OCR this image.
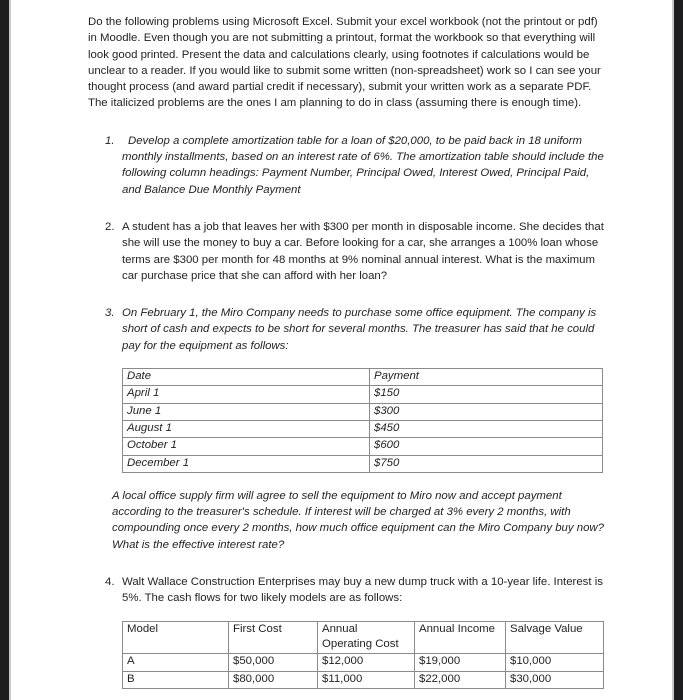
Do the following problems using Microsoft Excel. Submit your excel workbook (not the printout or pdf) in Moodle. Even though you are not submitting a printout, format the workbook so that everything will look good printed. Present the data and calculations clearly, using footnotes if calculations would be unclear to a reader. If you would like to submit some written (non-spreadsheet) work so I can see your thought process (and award partial credit if necessary), submit your written work as a separate PDF. The italicized problems are the ones I am planning to do in class (assuming there is enough time).

1.	Develop a complete amortization table for a loan of $20,000, to be paid back in 18 uniform monthly installments, based on an interest rate of 6%. The amortization table should include the following column headings: Payment Number, Principal Owed, Interest Owed, Principal Paid, and Balance Due Monthly Payment
2. A student has a job that leaves her with $300 per month in disposable income. She decides that she will use the money to buy a car. Before looking for a car, she arranges a 100% loan whose terms are $300 per month for 48 months at 9% nominal annual interest. What is the maximum car purchase price that she can afford with her loan?
3. On February 1, the Miro Company needs to purchase some office equipment. The company is short of cash and expects to be short for several months. The treasurer has said that he could pay for the equipment as follows:
Date	Payment
April 1	$150
June 1	$300
August 1	$450
October 1	$600
December 1	$750

A local office supply firm will agree to sell the equipment to Miro now and accept payment according to the treasurer's schedule. If interest will be charged at 3% every 2 months, with compounding once every 2 months, how much office equipment can the Miro Company buy now? What is the effective interest rate?

4. Walt Wallace Construction Enterprises may buy a new dump truck with a 10-year life. Interest is 5%. The cash flows for two likely models are as follows:
Model	First Cost	Annual Operating Cost	Annual Income	Salvage Value
A	$50,000	$12,000	$19,000	$10,000
B	$80,000	$11,000	$22,000	$30,000
